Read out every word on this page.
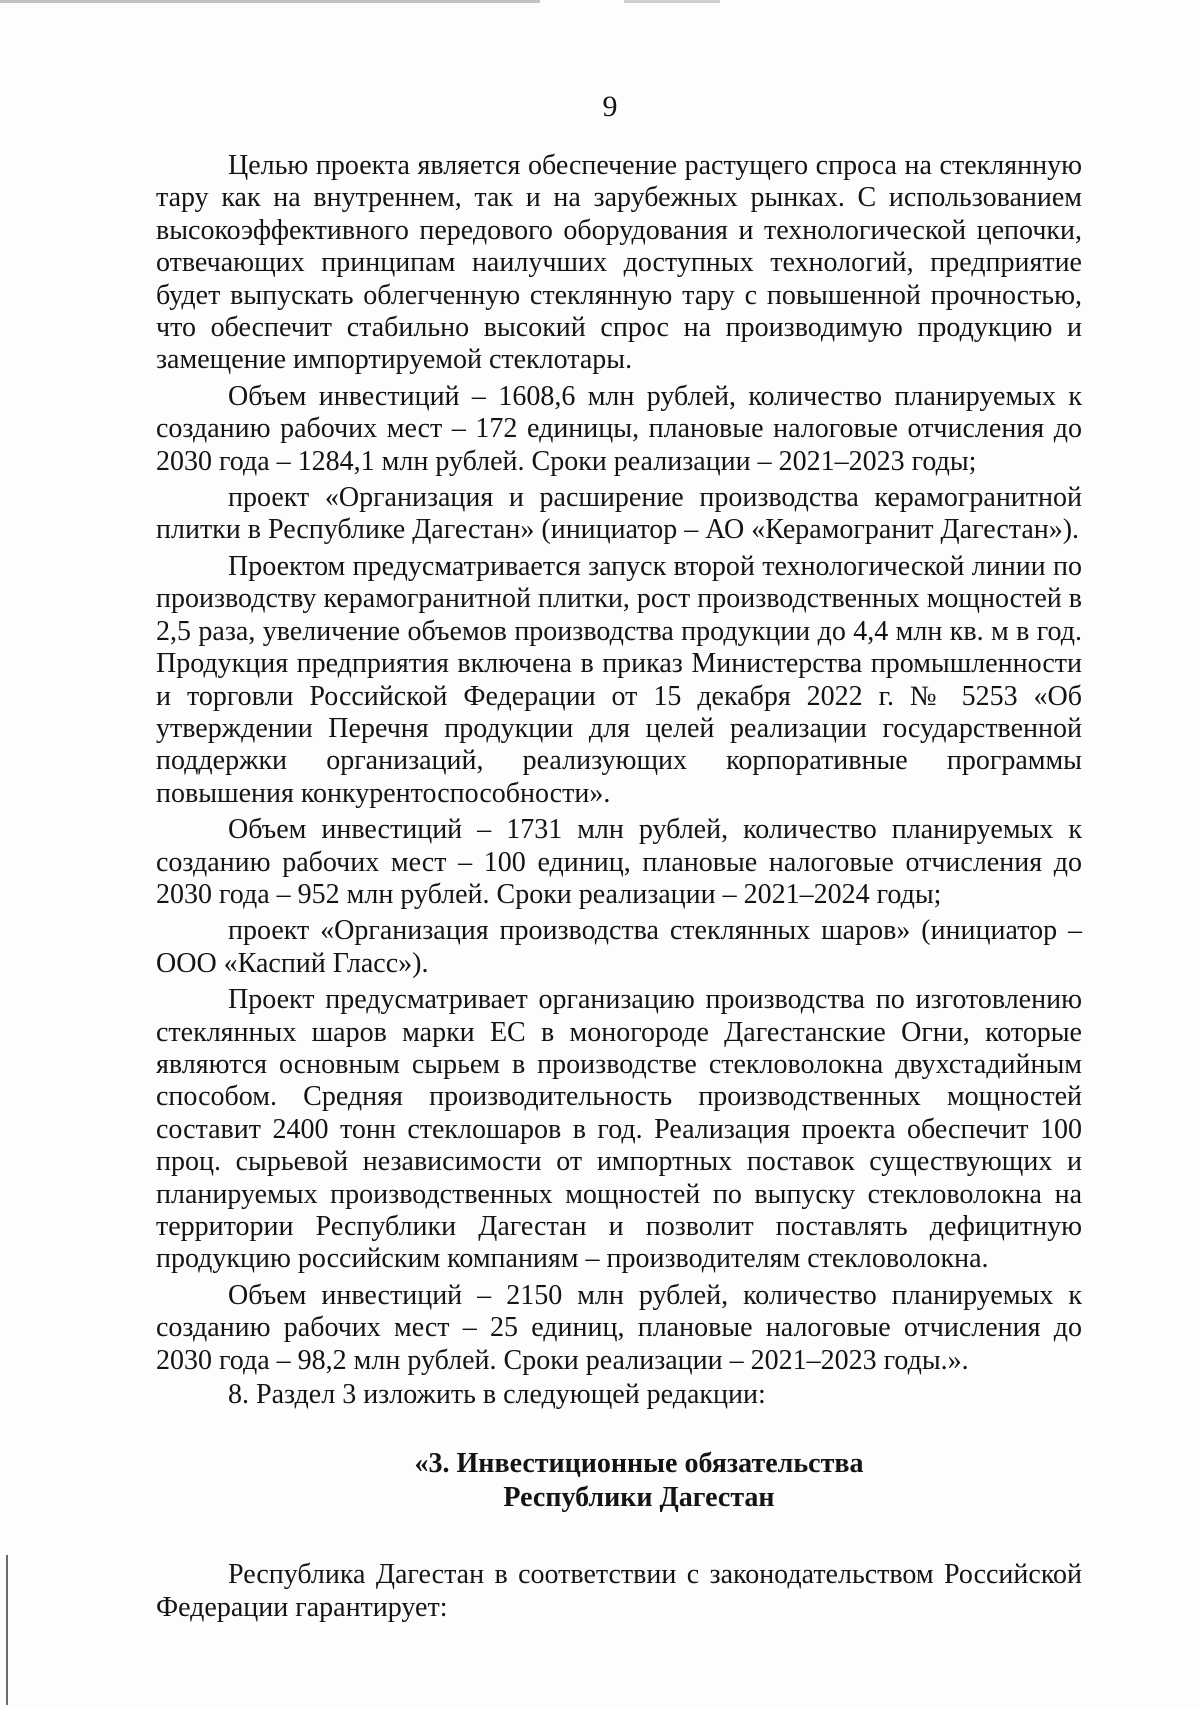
9

Целью проекта является обеспечение растущего спроса на стеклянную тару как на внутреннем, так и на зарубежных рынках. С использованием высокоэффективного передового оборудования и технологической цепочки, отвечающих принципам наилучших доступных технологий, предприятие будет выпускать облегченную стеклянную тару с повышенной прочностью, что обеспечит стабильно высокий спрос на производимую продукцию и замещение импортируемой стеклотары.

Объем инвестиций – 1608,6 млн рублей, количество планируемых к созданию рабочих мест – 172 единицы, плановые налоговые отчисления до 2030 года – 1284,1 млн рублей. Сроки реализации – 2021–2023 годы;

проект «Организация и расширение производства керамогранитной плитки в Республике Дагестан» (инициатор – АО «Керамогранит Дагестан»).

Проектом предусматривается запуск второй технологической линии по производству керамогранитной плитки, рост производственных мощностей в 2,5 раза, увеличение объемов производства продукции до 4,4 млн кв. м в год. Продукция предприятия включена в приказ Министерства промышленности и торговли Российской Федерации от 15 декабря 2022 г. № 5253 «Об утверждении Перечня продукции для целей реализации государственной поддержки организаций, реализующих корпоративные программы повышения конкурентоспособности».

Объем инвестиций – 1731 млн рублей, количество планируемых к созданию рабочих мест – 100 единиц, плановые налоговые отчисления до 2030 года – 952 млн рублей. Сроки реализации – 2021–2024 годы;

проект «Организация производства стеклянных шаров» (инициатор – ООО «Каспий Гласс»).

Проект предусматривает организацию производства по изготовлению стеклянных шаров марки ЕС в моногороде Дагестанские Огни, которые являются основным сырьем в производстве стекловолокна двухстадийным способом. Средняя производительность производственных мощностей составит 2400 тонн стеклошаров в год. Реализация проекта обеспечит 100 проц. сырьевой независимости от импортных поставок существующих и планируемых производственных мощностей по выпуску стекловолокна на территории Республики Дагестан и позволит поставлять дефицитную продукцию российским компаниям – производителям стекловолокна.

Объем инвестиций – 2150 млн рублей, количество планируемых к созданию рабочих мест – 25 единиц, плановые налоговые отчисления до 2030 года – 98,2 млн рублей. Сроки реализации – 2021–2023 годы.».

8. Раздел 3 изложить в следующей редакции:

«3. Инвестиционные обязательства
Республики Дагестан

Республика Дагестан в соответствии с законодательством Российской Федерации гарантирует:
